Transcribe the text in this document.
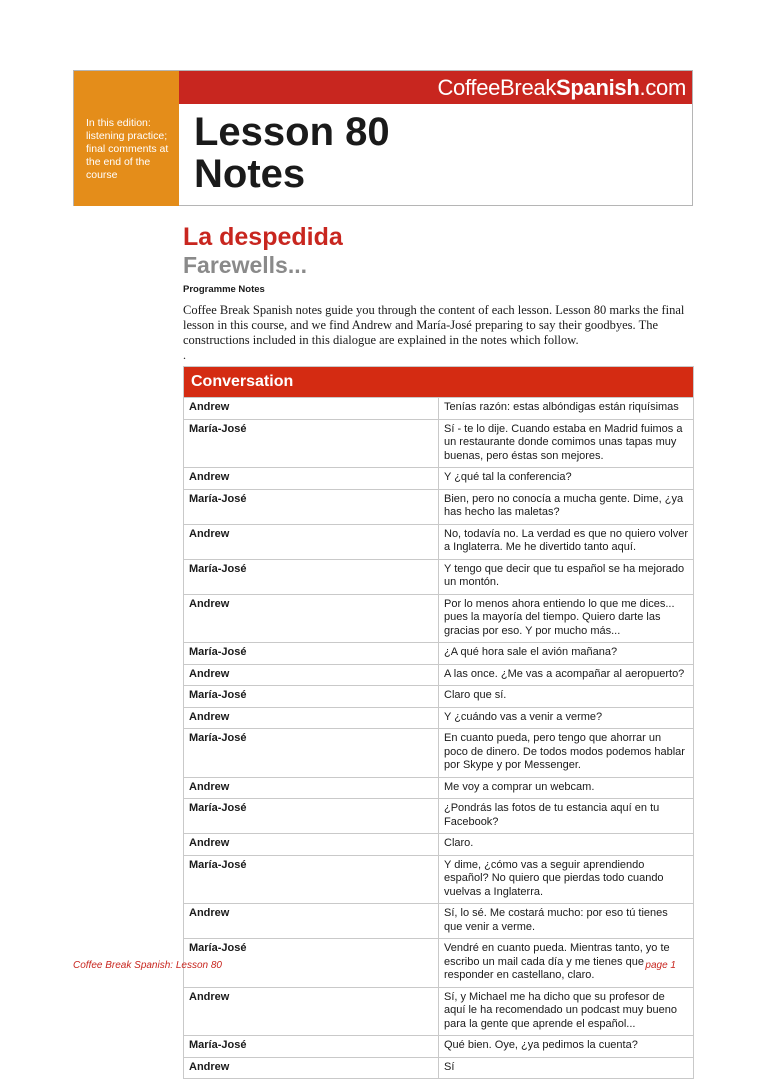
In this edition: listening practice; final comments at the end of the course
CoffeeBreakSpanish.com
Lesson 80
Notes
La despedida
Farewells...
Programme Notes

Coffee Break Spanish notes guide you through the content of each lesson. Lesson 80 marks the final lesson in this course, and we find Andrew and María-José preparing to say their goodbyes. The constructions included in this dialogue are explained in the notes which follow.

.
Conversation	
Andrew	Tenías razón: estas albóndigas están riquísimas
María-José	Sí - te lo dije. Cuando estaba en Madrid fuimos a un restaurante donde comimos unas tapas muy buenas, pero éstas son mejores.
Andrew	Y ¿qué tal la conferencia?
María-José	Bien, pero no conocía a mucha gente. Dime, ¿ya has hecho las maletas?
Andrew	No, todavía no. La verdad es que no quiero volver a Inglaterra. Me he divertido tanto aquí.
María-José	Y tengo que decir que tu español se ha mejorado un montón.
Andrew	Por lo menos ahora entiendo lo que me dices... pues la mayoría del tiempo. Quiero darte las gracias por eso. Y por mucho más...
María-José	¿A qué hora sale el avión mañana?
Andrew	A las once. ¿Me vas a acompañar al aeropuerto?
María-José	Claro que sí.
Andrew	Y ¿cuándo vas a venir a verme?
María-José	En cuanto pueda, pero tengo que ahorrar un poco de dinero. De todos modos podemos hablar por Skype y por Messenger.
Andrew	Me voy a comprar un webcam.
María-José	¿Pondrás las fotos de tu estancia aquí en tu Facebook?
Andrew	Claro.
María-José	Y dime, ¿cómo vas a seguir aprendiendo español? No quiero que pierdas todo cuando vuelvas a Inglaterra.
Andrew	Sí, lo sé. Me costará mucho: por eso tú tienes que venir a verme.
María-José	Vendré en cuanto pueda. Mientras tanto, yo te escribo un mail cada día y me tienes que responder en castellano, claro.
Andrew	Sí, y Michael me ha dicho que su profesor de aquí le ha recomendado un podcast muy bueno para la gente que aprende el español...
María-José	Qué bien. Oye, ¿ya pedimos la cuenta?
Andrew	Sí
Coffee Break Spanish: Lesson 80	page 1
